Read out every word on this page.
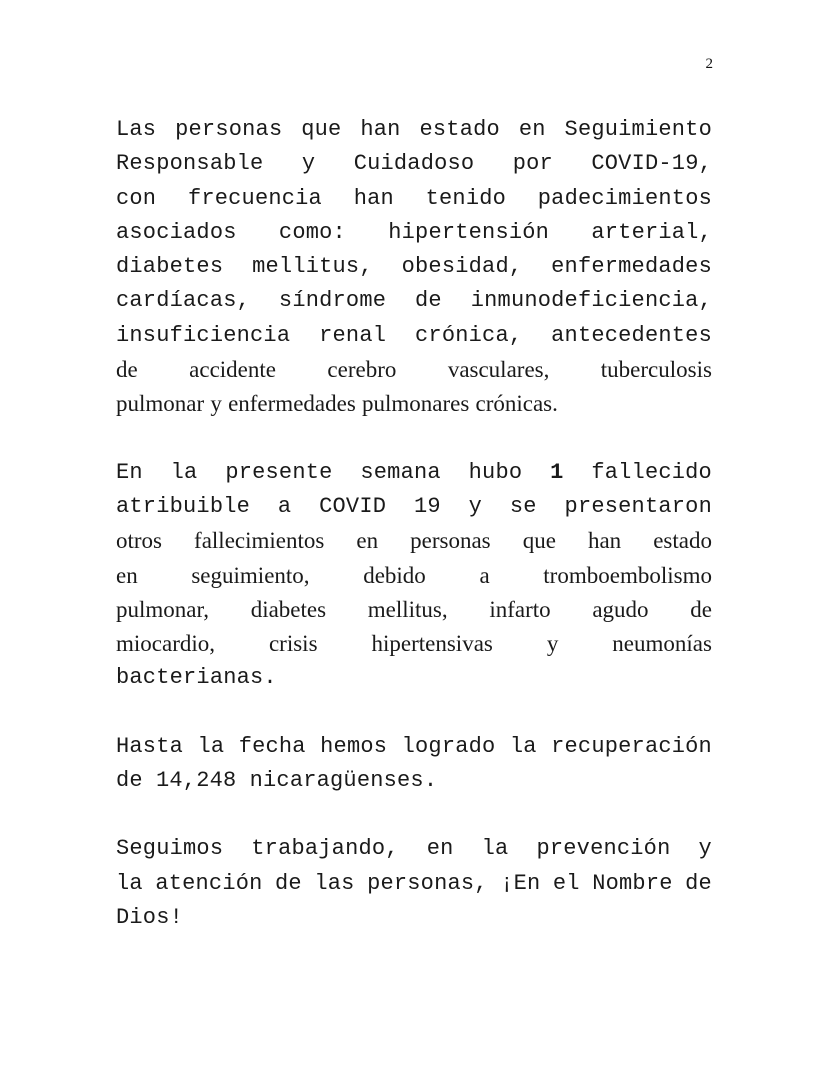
2
Las personas que han estado en Seguimiento
Responsable y Cuidadoso por COVID-19,
con frecuencia han tenido padecimientos
asociados como: hipertensión arterial,
diabetes mellitus, obesidad, enfermedades
cardíacas, síndrome de inmunodeficiencia,
insuficiencia renal crónica, antecedentes
de accidente cerebro vasculares, tuberculosis
pulmonar y enfermedades pulmonares crónicas.
En la presente semana hubo 1 fallecido
atribuible a COVID 19 y se presentaron
otros fallecimientos en personas que han estado
en seguimiento, debido a tromboembolismo
pulmonar, diabetes mellitus, infarto agudo de
miocardio, crisis hipertensivas y neumonías
bacterianas.
Hasta la fecha hemos logrado la recuperación
de 14,248 nicaragüenses.
Seguimos trabajando, en la prevención y
la atención de las personas, ¡En el Nombre de
Dios!
